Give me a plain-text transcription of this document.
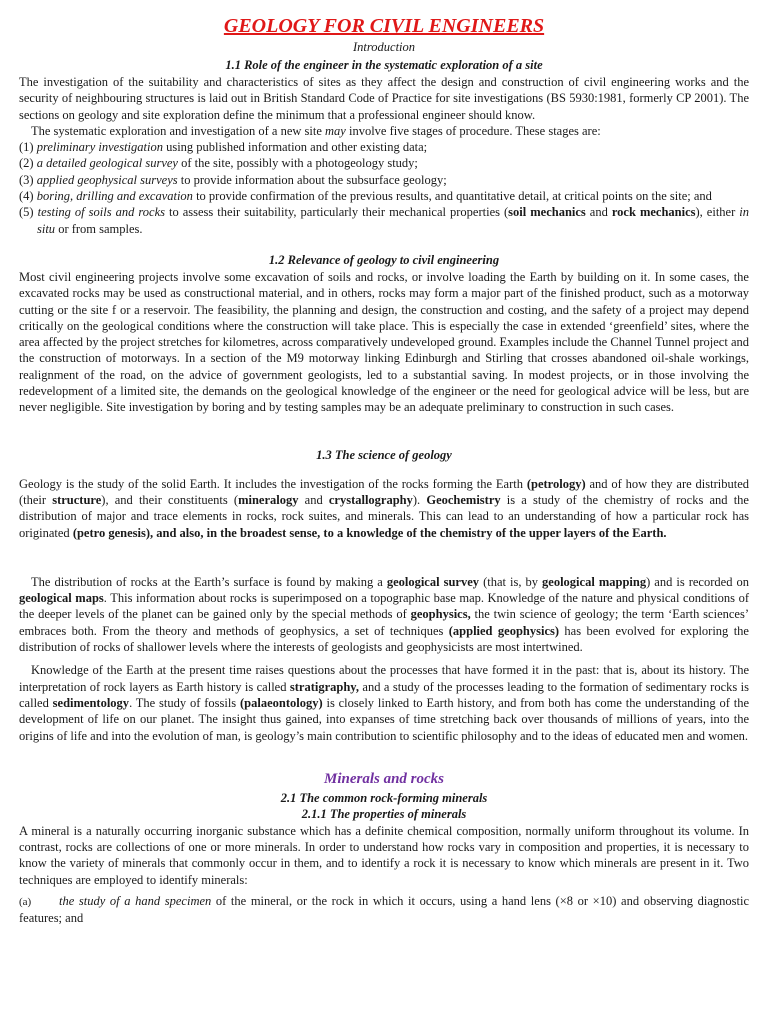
GEOLOGY FOR CIVIL ENGINEERS
Introduction
1.1 Role of the engineer in the systematic exploration of a site

The investigation of the suitability and characteristics of sites as they affect the design and construction of civil engineering works and the security of neighbouring structures is laid out in British Standard Code of Practice for site investigations (BS 5930:1981, formerly CP 2001). The sections on geology and site exploration define the minimum that a professional engineer should know.

The systematic exploration and investigation of a new site may involve five stages of procedure. These stages are:

(1) preliminary investigation using published information and other existing data;
(2) a detailed geological survey of the site, possibly with a photogeology study;
(3) applied geophysical surveys to provide information about the subsurface geology;
(4) boring, drilling and excavation to provide confirmation of the previous results, and quantitative detail, at critical points on the site; and
(5) testing of soils and rocks to assess their suitability, particularly their mechanical properties (soil mechanics and rock mechanics), either in situ or from samples.
1.2 Relevance of geology to civil engineering

Most civil engineering projects involve some excavation of soils and rocks, or involve loading the Earth by building on it. In some cases, the excavated rocks may be used as constructional material, and in others, rocks may form a major part of the finished product, such as a motorway cutting or the site f or a reservoir. The feasibility, the planning and design, the construction and costing, and the safety of a project may depend critically on the geological conditions where the construction will take place. This is especially the case in extended ‘greenfield’ sites, where the area affected by the project stretches for kilometres, across comparatively undeveloped ground. Examples include the Channel Tunnel project and the construction of motorways. In a section of the M9 motorway linking Edinburgh and Stirling that crosses abandoned oil-shale workings, realignment of the road, on the advice of government geologists, led to a substantial saving. In modest projects, or in those involving the redevelopment of a limited site, the demands on the geological knowledge of the engineer or the need for geological advice will be less, but are never negligible. Site investigation by boring and by testing samples may be an adequate preliminary to construction in such cases.

1.3 The science of geology

Geology is the study of the solid Earth. It includes the investigation of the rocks forming the Earth (petrology) and of how they are distributed (their structure), and their constituents (mineralogy and crystallography). Geochemistry is a study of the chemistry of rocks and the distribution of major and trace elements in rocks, rock suites, and minerals. This can lead to an understanding of how a particular rock has originated (petro genesis), and also, in the broadest sense, to a knowledge of the chemistry of the upper layers of the Earth.

The distribution of rocks at the Earth’s surface is found by making a geological survey (that is, by geological mapping) and is recorded on geological maps. This information about rocks is superimposed on a topographic base map. Knowledge of the nature and physical conditions of the deeper levels of the planet can be gained only by the special methods of geophysics, the twin science of geology; the term ‘Earth sciences’ embraces both. From the theory and methods of geophysics, a set of techniques (applied geophysics) has been evolved for exploring the distribution of rocks of shallower levels where the interests of geologists and geophysicists are most intertwined.

Knowledge of the Earth at the present time raises questions about the processes that have formed it in the past: that is, about its history. The interpretation of rock layers as Earth history is called stratigraphy, and a study of the processes leading to the formation of sedimentary rocks is called sedimentology. The study of fossils (palaeontology) is closely linked to Earth history, and from both has come the understanding of the development of life on our planet. The insight thus gained, into expanses of time stretching back over thousands of millions of years, into the origins of life and into the evolution of man, is geology’s main contribution to scientific philosophy and to the ideas of educated men and women.

Minerals and rocks
2.1 The common rock-forming minerals
2.1.1 The properties of minerals

A mineral is a naturally occurring inorganic substance which has a definite chemical composition, normally uniform throughout its volume. In contrast, rocks are collections of one or more minerals. In order to understand how rocks vary in composition and properties, it is necessary to know the variety of minerals that commonly occur in them, and to identify a rock it is necessary to know which minerals are present in it. Two techniques are employed to identify minerals:

(a) the study of a hand specimen of the mineral, or the rock in which it occurs, using a hand lens (×8 or ×10) and observing diagnostic features; and
